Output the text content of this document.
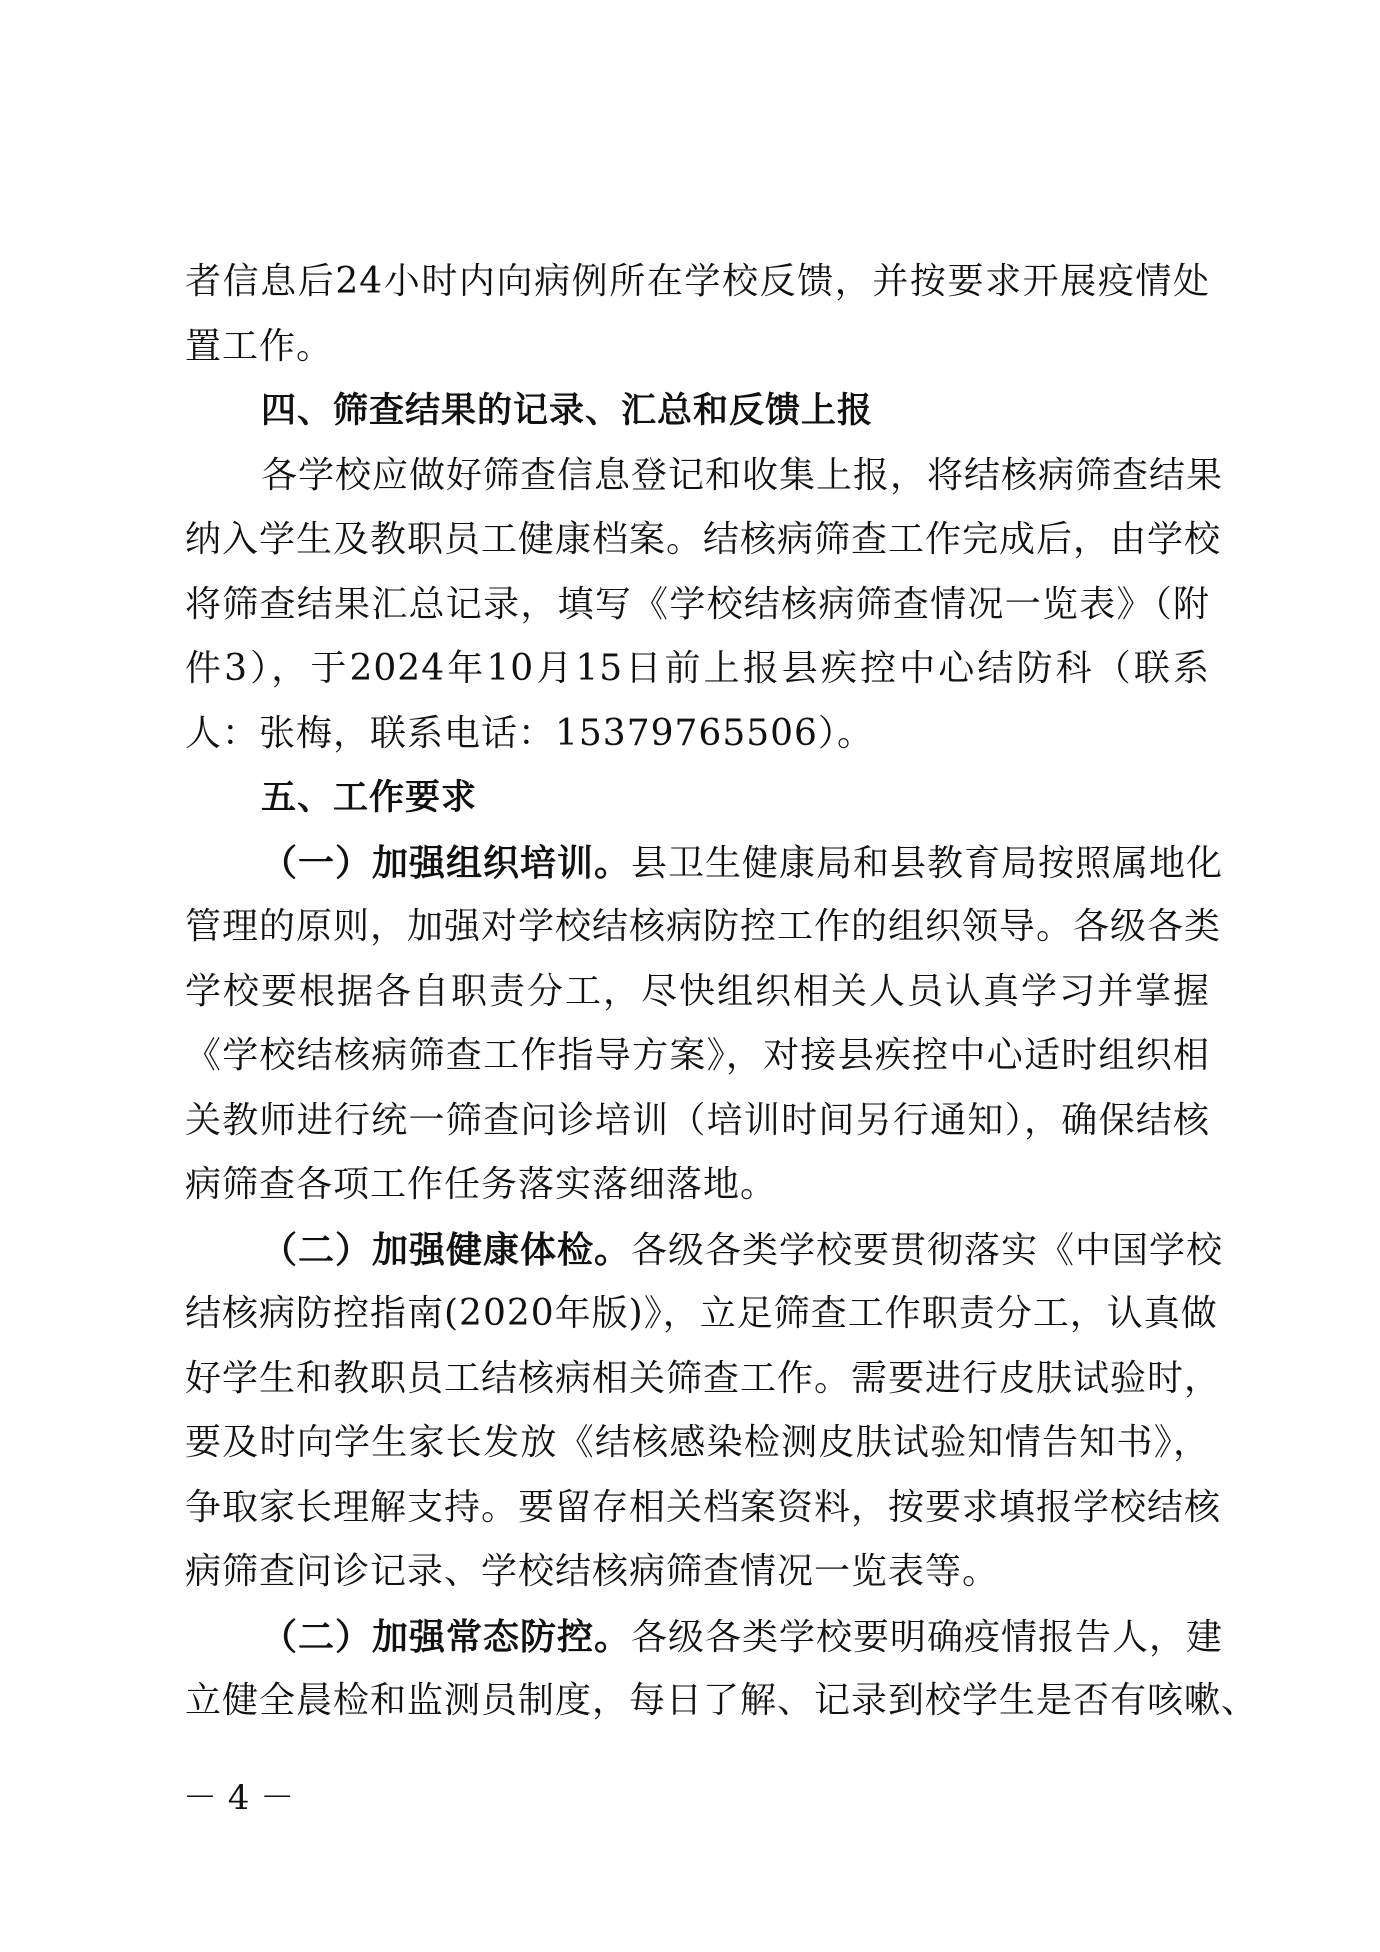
者信息后24小时内向病例所在学校反馈，并按要求开展疫情处
置工作。
四、筛查结果的记录、汇总和反馈上报
各学校应做好筛查信息登记和收集上报，将结核病筛查结果
纳入学生及教职员工健康档案。结核病筛查工作完成后，由学校
将筛查结果汇总记录，填写《学校结核病筛查情况一览表》（附
件3），于2024年10月15日前上报县疾控中心结防科（联系
人：张梅，联系电话：15379765506）。
五、工作要求
（一）加强组织培训。县卫生健康局和县教育局按照属地化
管理的原则，加强对学校结核病防控工作的组织领导。各级各类
学校要根据各自职责分工，尽快组织相关人员认真学习并掌握
《学校结核病筛查工作指导方案》，对接县疾控中心适时组织相
关教师进行统一筛查问诊培训（培训时间另行通知），确保结核
病筛查各项工作任务落实落细落地。
（二）加强健康体检。各级各类学校要贯彻落实《中国学校
结核病防控指南(2020年版)》，立足筛查工作职责分工，认真做
好学生和教职员工结核病相关筛查工作。需要进行皮肤试验时，
要及时向学生家长发放《结核感染检测皮肤试验知情告知书》，
争取家长理解支持。要留存相关档案资料，按要求填报学校结核
病筛查问诊记录、学校结核病筛查情况一览表等。
（二）加强常态防控。各级各类学校要明确疫情报告人，建
立健全晨检和监测员制度，每日了解、记录到校学生是否有咳嗽、
－ 4 －
